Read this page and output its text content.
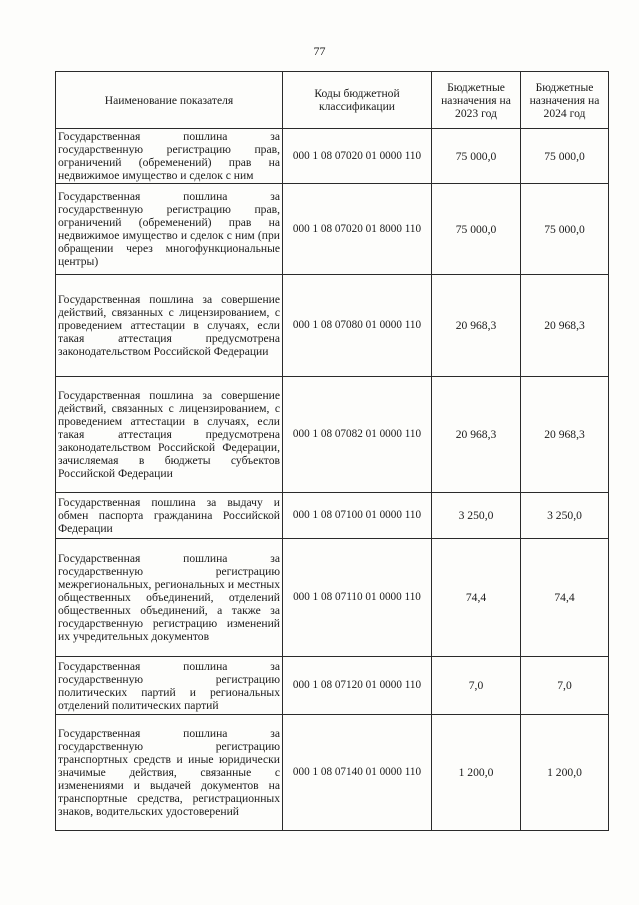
77
Наименование показателя	Коды бюджетной классификации	Бюджетные назначения на 2023 год	Бюджетные назначения на 2024 год
Государственная пошлина за государственную регистрацию прав, ограничений (обременений) прав на недвижимое имущество и сделок с ним	000 1 08 07020 01 0000 110	75 000,0	75 000,0
Государственная пошлина за государственную регистрацию прав, ограничений (обременений) прав на недвижимое имущество и сделок с ним (при обращении через многофункциональные центры)	000 1 08 07020 01 8000 110	75 000,0	75 000,0
Государственная пошлина за совершение действий, связанных с лицензированием, с проведением аттестации в случаях, если такая аттестация предусмотрена законодательством Российской Федерации	000 1 08 07080 01 0000 110	20 968,3	20 968,3
Государственная пошлина за совершение действий, связанных с лицензированием, с проведением аттестации в случаях, если такая аттестация предусмотрена законодательством Российской Федерации, зачисляемая в бюджеты субъектов Российской Федерации	000 1 08 07082 01 0000 110	20 968,3	20 968,3
Государственная пошлина за выдачу и обмен паспорта гражданина Российской Федерации	000 1 08 07100 01 0000 110	3 250,0	3 250,0
Государственная пошлина за государственную регистрацию межрегиональных, региональных и местных общественных объединений, отделений общественных объединений, а также за государственную регистрацию изменений их учредительных документов	000 1 08 07110 01 0000 110	74,4	74,4
Государственная пошлина за государственную регистрацию политических партий и региональных отделений политических партий	000 1 08 07120 01 0000 110	7,0	7,0
Государственная пошлина за государственную регистрацию транспортных средств и иные юридически значимые действия, связанные с изменениями и выдачей документов на транспортные средства, регистрационных знаков, водительских удостоверений	000 1 08 07140 01 0000 110	1 200,0	1 200,0
